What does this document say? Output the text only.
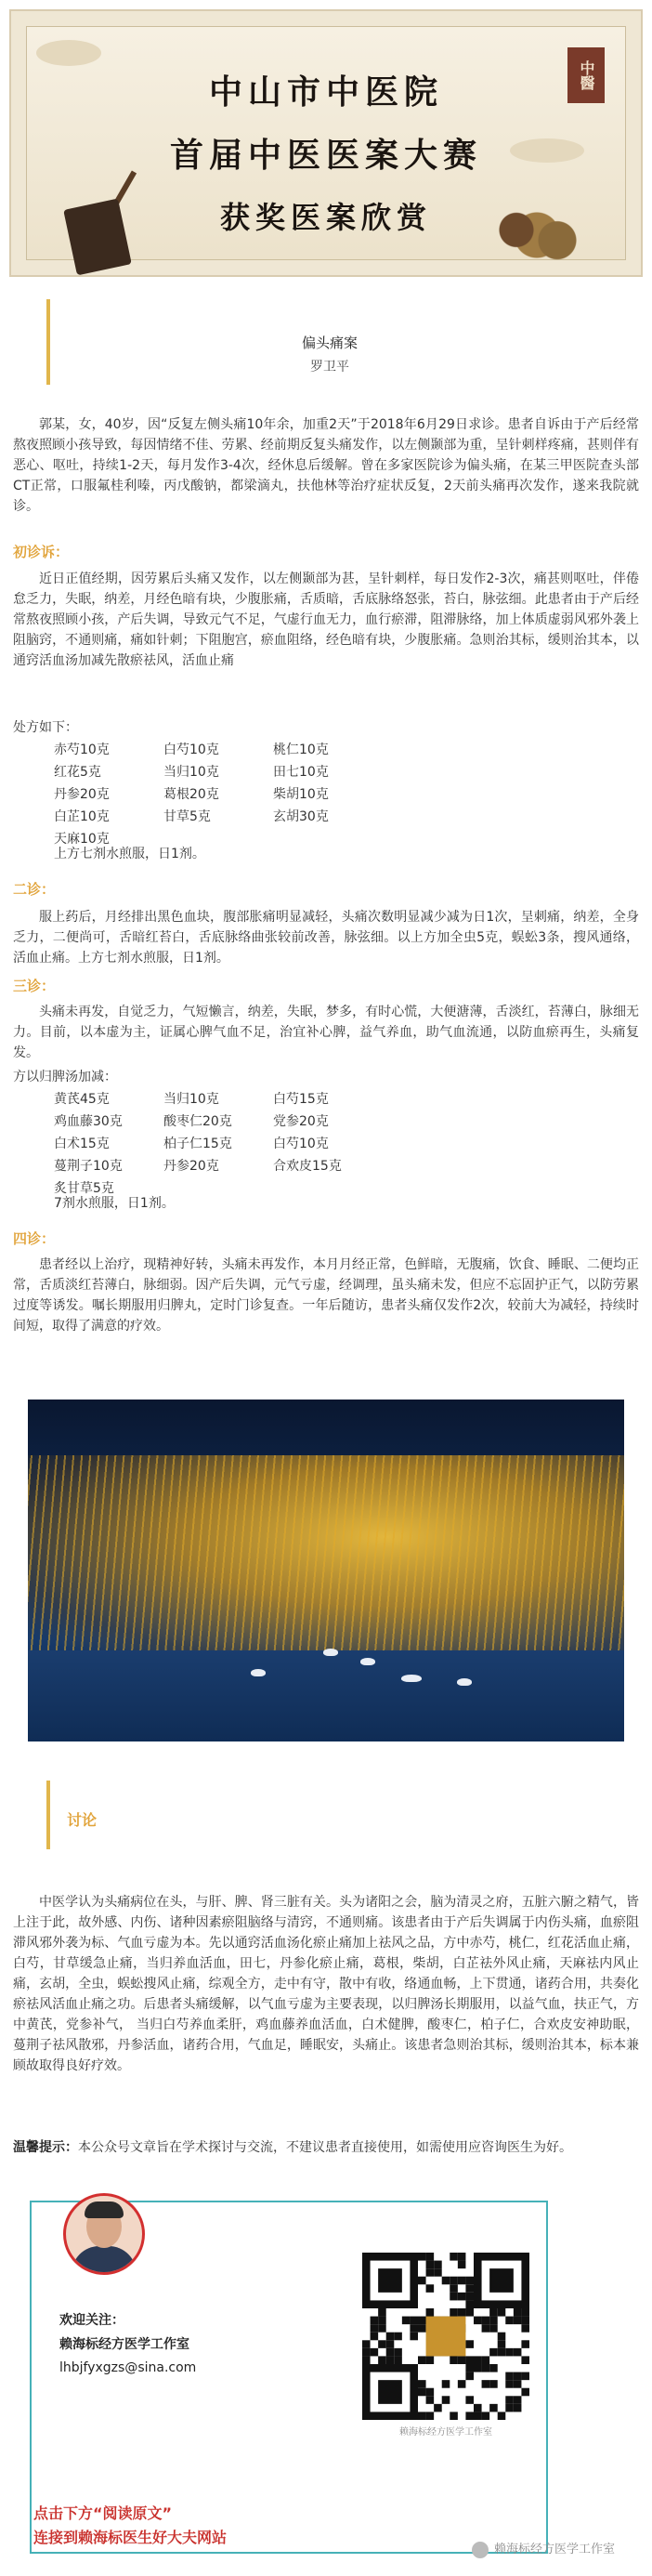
中醫
中山市中医院
首届中医医案大赛
获奖医案欣赏
偏头痛案
罗卫平

郭某，女，40岁，因“反复左侧头痛10年余，加重2天”于2018年6月29日求诊。患者自诉由于产后经常熬夜照顾小孩导致，每因情绪不佳、劳累、经前期反复头痛发作，以左侧颞部为重，呈针刺样疼痛，甚则伴有恶心、呕吐，持续1-2天，每月发作3-4次，经休息后缓解。曾在多家医院诊为偏头痛，在某三甲医院查头部CT正常，口服氟桂利嗪，丙戊酸钠，都梁滴丸，扶他林等治疗症状反复，2天前头痛再次发作，遂来我院就诊。

初诊诉：

近日正值经期，因劳累后头痛又发作，以左侧颞部为甚，呈针刺样，每日发作2-3次，痛甚则呕吐，伴倦怠乏力，失眠，纳差，月经色暗有块，少腹胀痛，舌质暗，舌底脉络怒张，苔白，脉弦细。此患者由于产后经常熬夜照顾小孩，产后失调，导致元气不足，气虚行血无力，血行瘀滞，阻滞脉络，加上体质虚弱风邪外袭上阻脑窍，不通则痛，痛如针刺；下阻胞宫，瘀血阻络，经色暗有块，少腹胀痛。急则治其标，缓则治其本，以通窍活血汤加减先散瘀祛风，活血止痛

处方如下：
赤芍10克	白芍10克	桃仁10克
红花5克	当归10克	田七10克
丹参20克	葛根20克	柴胡10克
白芷10克	甘草5克	玄胡30克
天麻10克
上方七剂水煎服，日1剂。
二诊：

服上药后，月经排出黑色血块，腹部胀痛明显减轻，头痛次数明显减少减为日1次，呈刺痛，纳差，全身乏力，二便尚可，舌暗红苔白，舌底脉络曲张较前改善，脉弦细。以上方加全虫5克，蜈蚣3条，搜风通络，活血止痛。上方七剂水煎服，日1剂。

三诊：

头痛未再发，自觉乏力，气短懒言，纳差，失眠，梦多，有时心慌，大便溏薄，舌淡红，苔薄白，脉细无力。目前，以本虚为主，证属心脾气血不足，治宜补心脾，益气养血，助气血流通，以防血瘀再生，头痛复发。

方以归脾汤加减：
黄芪45克	当归10克	白芍15克
鸡血藤30克	酸枣仁20克	党参20克
白术15克	柏子仁15克	白芍10克
蔓荆子10克	丹参20克	合欢皮15克
炙甘草5克
7剂水煎服，日1剂。
四诊：

患者经以上治疗，现精神好转，头痛未再发作，本月月经正常，色鲜暗，无腹痛，饮食、睡眠、二便均正常，舌质淡红苔薄白，脉细弱。因产后失调，元气亏虚，经调理，虽头痛未发，但应不忘固护正气，以防劳累过度等诱发。嘱长期服用归脾丸，定时门诊复查。一年后随访，患者头痛仅发作2次，较前大为减轻，持续时间短，取得了满意的疗效。

讨论

中医学认为头痛病位在头，与肝、脾、肾三脏有关。头为诸阳之会，脑为清灵之府，五脏六腑之精气，皆上注于此，故外感、内伤、诸种因素瘀阻脑络与清窍，不通则痛。该患者由于产后失调属于内伤头痛，血瘀阻滞风邪外袭为标、气血亏虚为本。先以通窍活血汤化瘀止痛加上祛风之品，方中赤芍，桃仁，红花活血止痛，白芍，甘草缓急止痛，当归养血活血，田七，丹参化瘀止痛，葛根，柴胡，白芷祛外风止痛，天麻祛内风止痛，玄胡，全虫，蜈蚣搜风止痛，综观全方，走中有守，散中有收，络通血畅，上下贯通，诸药合用，共奏化瘀祛风活血止痛之功。后患者头痛缓解，以气血亏虚为主要表现，以归脾汤长期服用，以益气血，扶正气，方中黄芪，党参补气， 当归白芍养血柔肝，鸡血藤养血活血，白术健脾，酸枣仁，柏子仁，合欢皮安神助眠， 蔓荆子祛风散邪，丹参活血，诸药合用，气血足，睡眠安，头痛止。该患者急则治其标，缓则治其本，标本兼顾故取得良好疗效。

温馨提示：本公众号文章旨在学术探讨与交流，不建议患者直接使用，如需使用应咨询医生为好。
欢迎关注：
赖海标经方医学工作室
lhbjfyxgzs@sina.com
赖海标经方医学工作室
点击下方“阅读原文”
连接到赖海标医生好大夫网站
赖海标经方医学工作室
